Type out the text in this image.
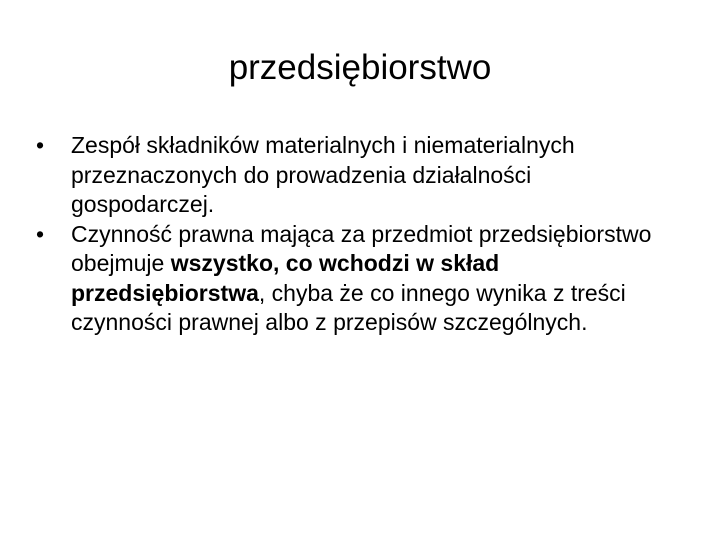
przedsiębiorstwo
•	Zespół składników materialnych i niematerialnych przeznaczonych do prowadzenia działalności gospodarczej.
•	Czynność prawna mająca za przedmiot przedsiębiorstwo obejmuje wszystko, co wchodzi w skład przedsiębiorstwa, chyba że co innego wynika z treści czynności prawnej albo z przepisów szczególnych.
